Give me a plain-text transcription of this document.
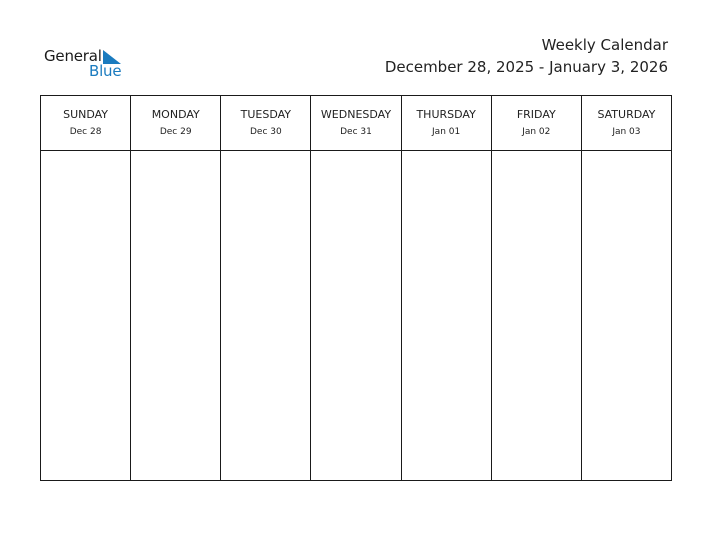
General
Blue
Weekly Calendar
December 28, 2025 - January 3, 2026
SUNDAY
Dec 28
MONDAY
Dec 29
TUESDAY
Dec 30
WEDNESDAY
Dec 31
THURSDAY
Jan 01
FRIDAY
Jan 02
SATURDAY
Jan 03
